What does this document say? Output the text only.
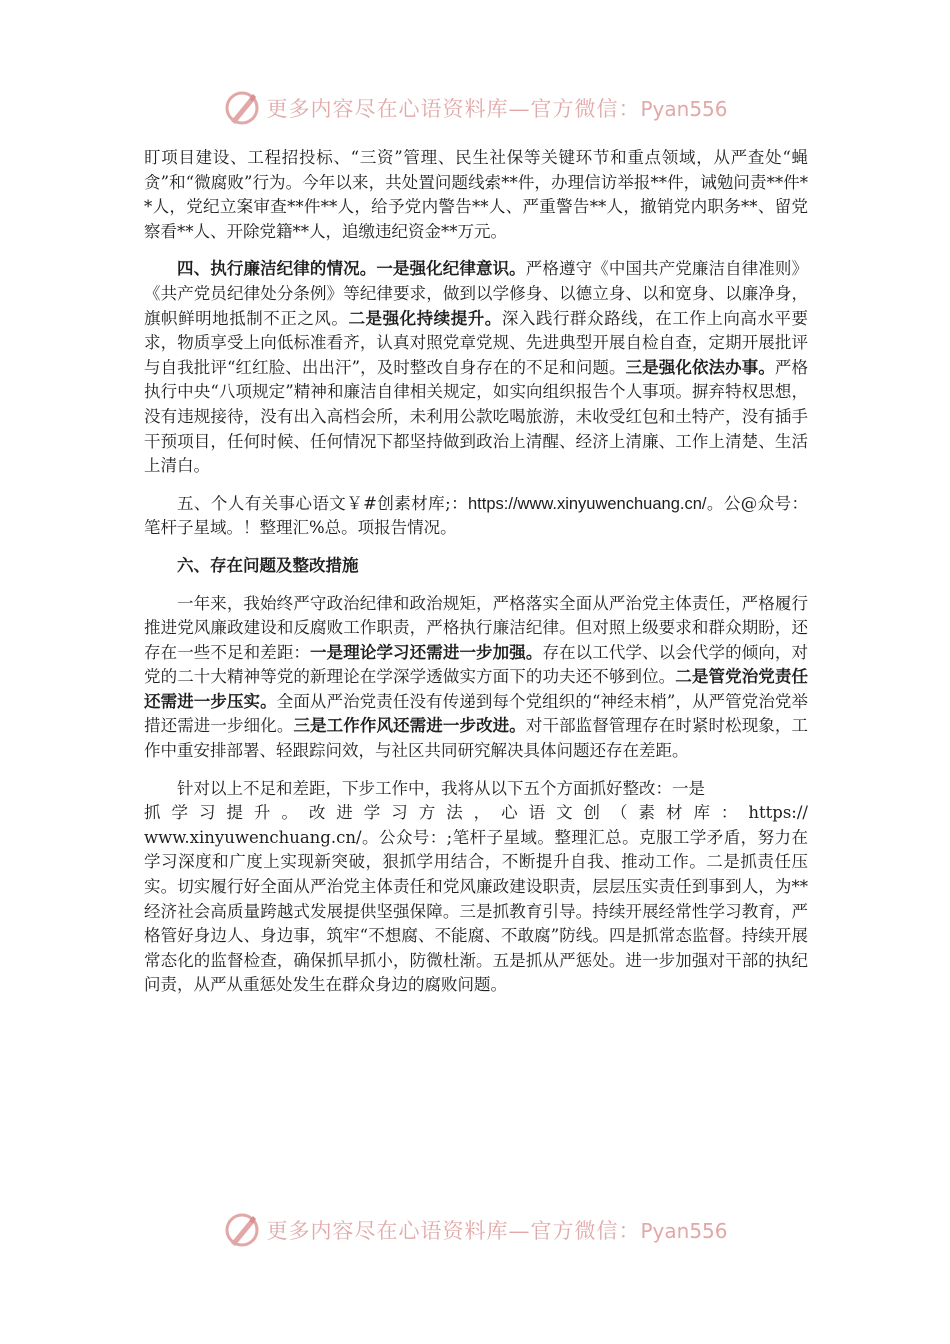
更多内容尽在心语资料库—官方微信：Pyan556

盯项目建设、工程招投标、“三资”管理、民生社保等关键环节和重点领域，从严查处“蝇贪”和“微腐败”行为。今年以来，共处置问题线索**件，办理信访举报**件，诫勉问责**件**人，党纪立案审查**件**人，给予党内警告**人、严重警告**人，撤销党内职务**、留党察看**人、开除党籍**人，追缴违纪资金**万元。

四、执行廉洁纪律的情况。一是强化纪律意识。严格遵守《中国共产党廉洁自律准则》《共产党员纪律处分条例》等纪律要求，做到以学修身、以德立身、以和宽身、以廉净身，旗帜鲜明地抵制不正之风。二是强化持续提升。深入践行群众路线，在工作上向高水平要求，物质享受上向低标准看齐，认真对照党章党规、先进典型开展自检自查，定期开展批评与自我批评“红红脸、出出汗”，及时整改自身存在的不足和问题。三是强化依法办事。严格执行中央“八项规定”精神和廉洁自律相关规定，如实向组织报告个人事项。摒弃特权思想，没有违规接待，没有出入高档会所，未利用公款吃喝旅游，未收受红包和土特产，没有插手干预项目，任何时候、任何情况下都坚持做到政治上清醒、经济上清廉、工作上清楚、生活上清白。

五、个人有关事心语文￥#创素材库;：https://www.xinyuwenchuang.cn/。公@众号：笔杆子星域。！整理汇%总。项报告情况。

六、存在问题及整改措施

一年来，我始终严守政治纪律和政治规矩，严格落实全面从严治党主体责任，严格履行推进党风廉政建设和反腐败工作职责，严格执行廉洁纪律。但对照上级要求和群众期盼，还存在一些不足和差距：一是理论学习还需进一步加强。存在以工代学、以会代学的倾向，对党的二十大精神等党的新理论在学深学透做实方面下的功夫还不够到位。二是管党治党责任还需进一步压实。全面从严治党责任没有传递到每个党组织的“神经末梢”，从严管党治党举措还需进一步细化。三是工作作风还需进一步改进。对干部监督管理存在时紧时松现象，工作中重安排部署、轻跟踪问效，与社区共同研究解决具体问题还存在差距。

针对以上不足和差距，下步工作中，我将从以下五个方面抓好整改：一是

抓学习提升。改进学习方法，心语文创（素材库：https://

www.xinyuwenchuang.cn/。公众号：;笔杆子星域。整理汇总。克服工学矛盾，努力在学习深度和广度上实现新突破，狠抓学用结合，不断提升自我、推动工作。二是抓责任压实。切实履行好全面从严治党主体责任和党风廉政建设职责，层层压实责任到事到人，为**经济社会高质量跨越式发展提供坚强保障。三是抓教育引导。持续开展经常性学习教育，严格管好身边人、身边事，筑牢“不想腐、不能腐、不敢腐”防线。四是抓常态监督。持续开展常态化的监督检查，确保抓早抓小，防微杜渐。五是抓从严惩处。进一步加强对干部的执纪问责，从严从重惩处发生在群众身边的腐败问题。

更多内容尽在心语资料库—官方微信：Pyan556
